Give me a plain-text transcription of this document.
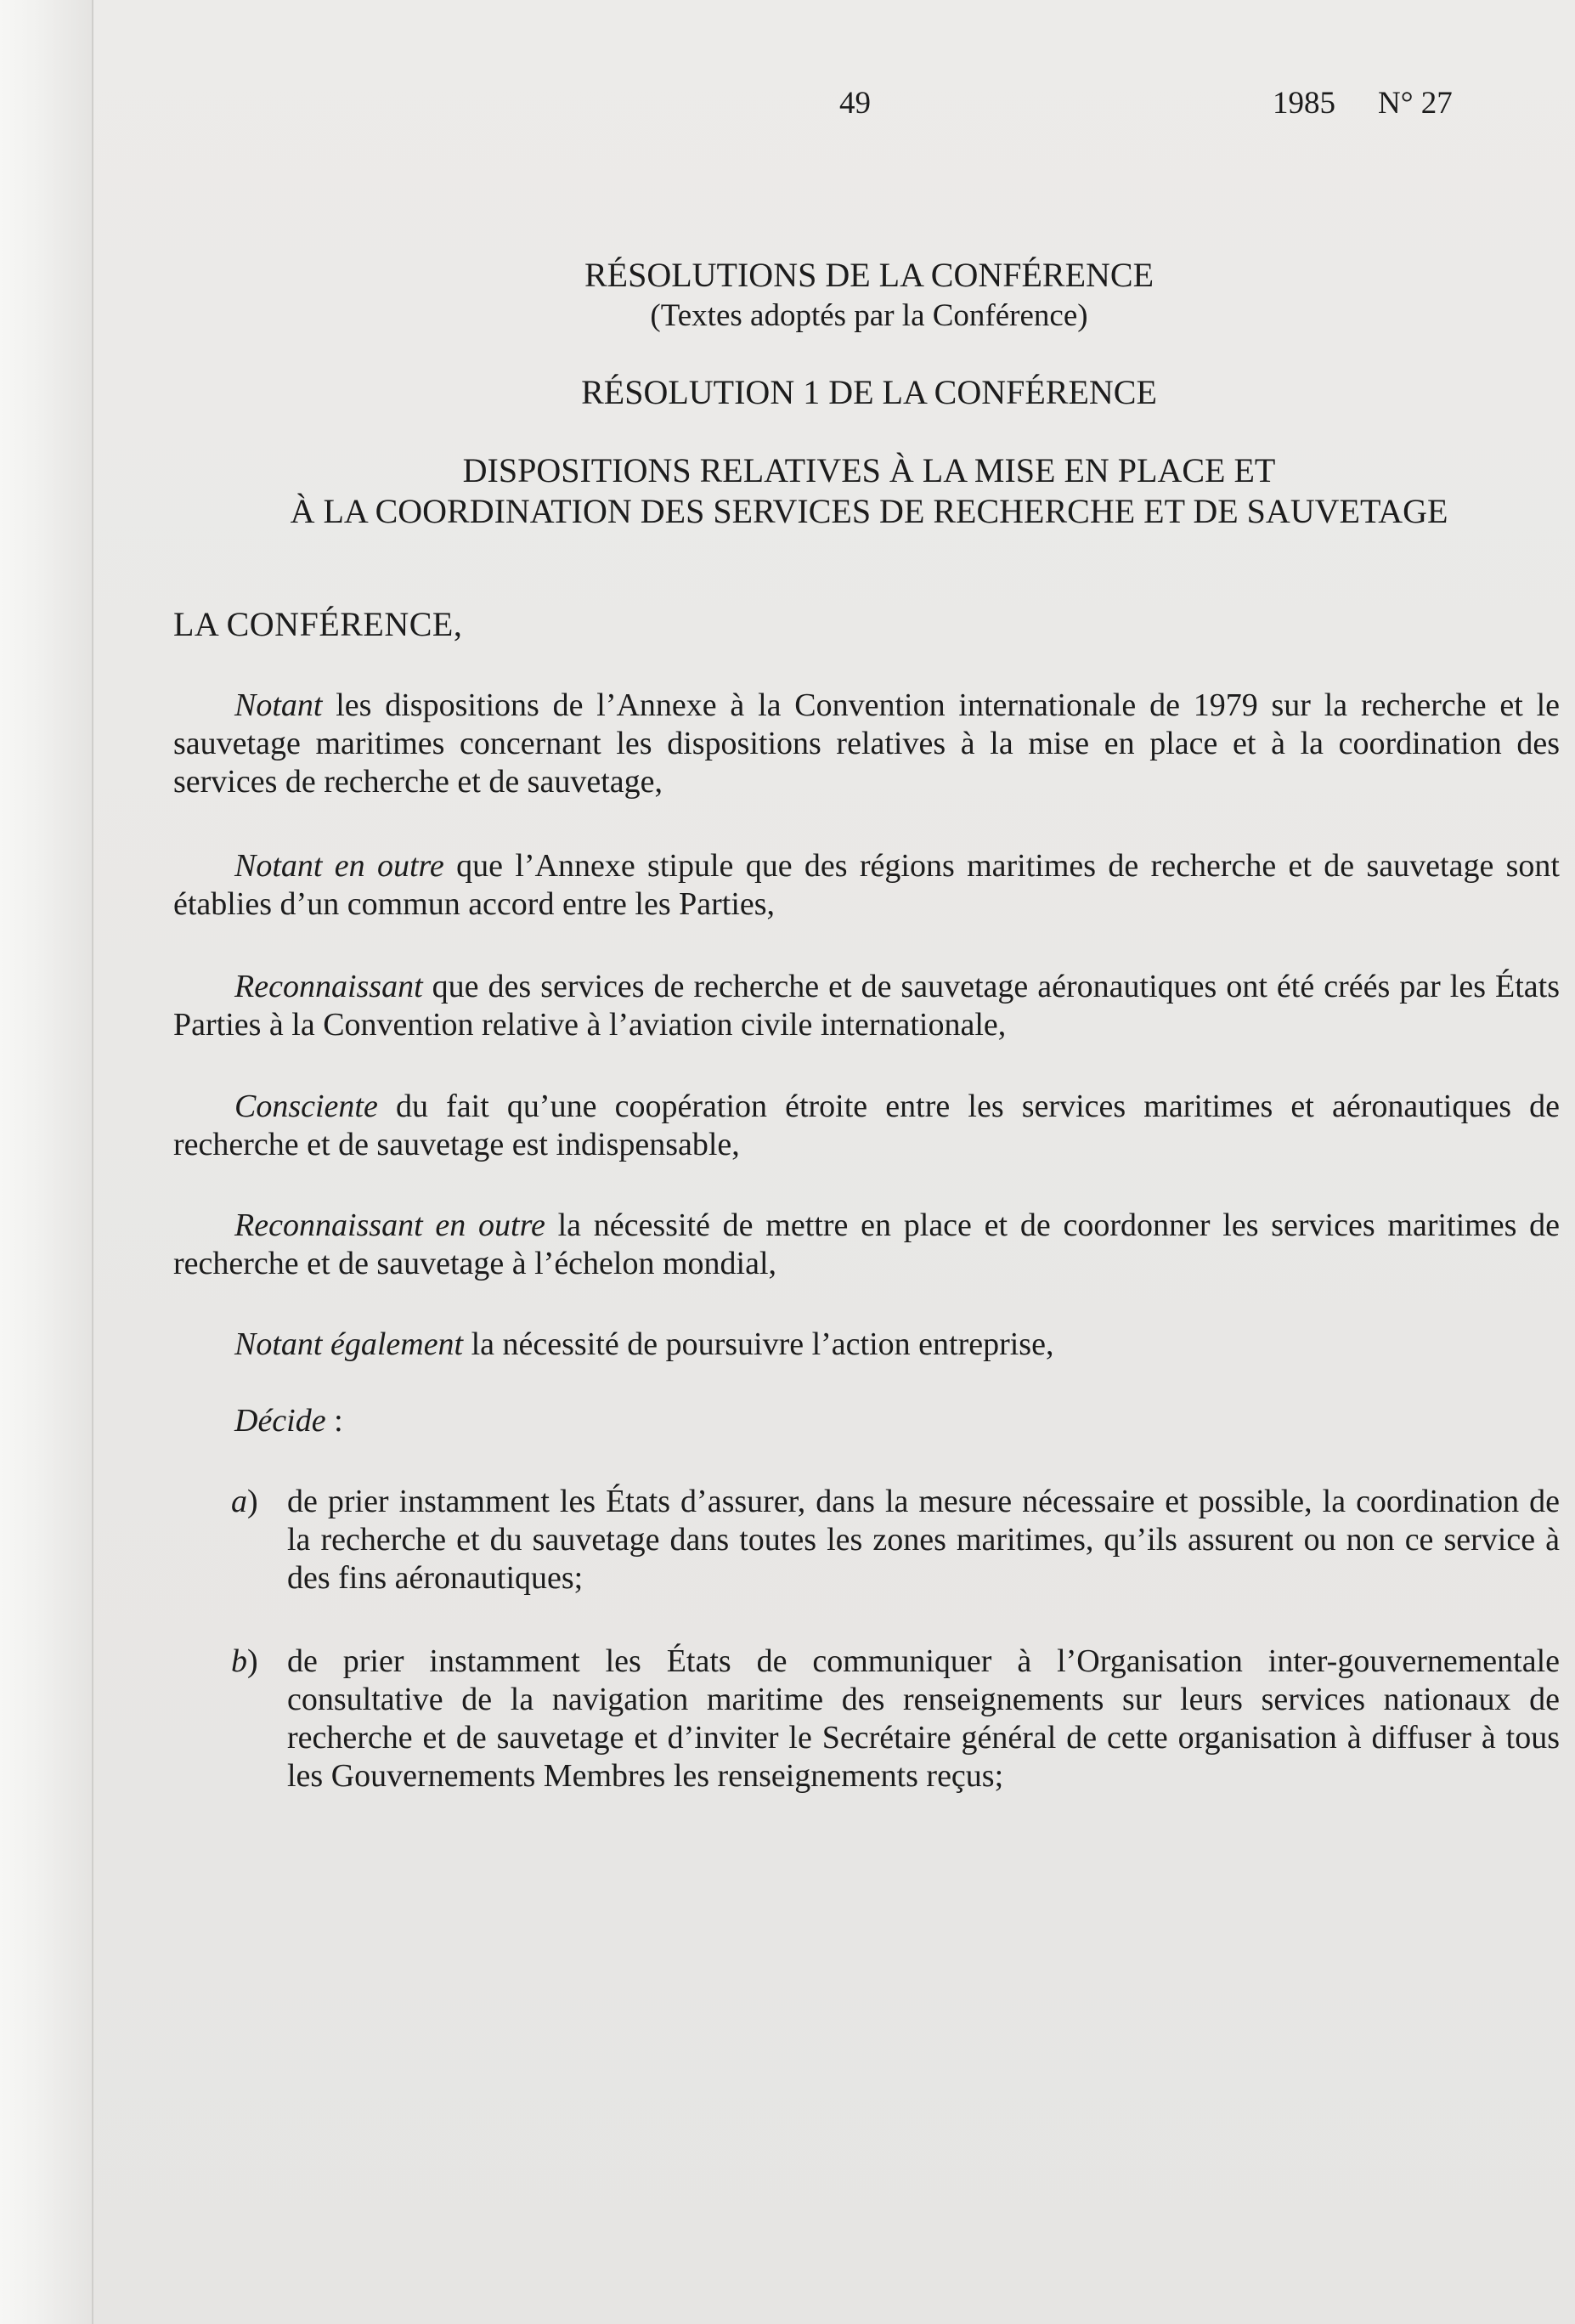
49	1985 N° 27
RÉSOLUTIONS DE LA CONFÉRENCE
(Textes adoptés par la Conférence)
RÉSOLUTION 1 DE LA CONFÉRENCE
DISPOSITIONS RELATIVES À LA MISE EN PLACE ET
À LA COORDINATION DES SERVICES DE RECHERCHE ET DE SAUVETAGE
LA CONFÉRENCE,

Notant les dispositions de l’Annexe à la Convention internationale de 1979 sur la recherche et le sauvetage maritimes concernant les dispositions relatives à la mise en place et à la coordination des services de recherche et de sauvetage,

Notant en outre que l’Annexe stipule que des régions maritimes de recherche et de sauvetage sont établies d’un commun accord entre les Parties,

Reconnaissant que des services de recherche et de sauvetage aéronautiques ont été créés par les États Parties à la Convention relative à l’aviation civile internationale,

Consciente du fait qu’une coopération étroite entre les services maritimes et aéronautiques de recherche et de sauvetage est indispensable,

Reconnaissant en outre la nécessité de mettre en place et de coordonner les services maritimes de recherche et de sauvetage à l’échelon mondial,

Notant également la nécessité de poursuivre l’action entreprise,

Décide :

a) de prier instamment les États d’assurer, dans la mesure nécessaire et possible, la coordination de la recherche et du sauvetage dans toutes les zones maritimes, qu’ils assurent ou non ce service à des fins aéronautiques;
b) de prier instamment les États de communiquer à l’Organisation inter-gouvernementale consultative de la navigation maritime des renseignements sur leurs services nationaux de recherche et de sauvetage et d’inviter le Secrétaire général de cette organisation à diffuser à tous les Gouvernements Membres les renseignements reçus;
